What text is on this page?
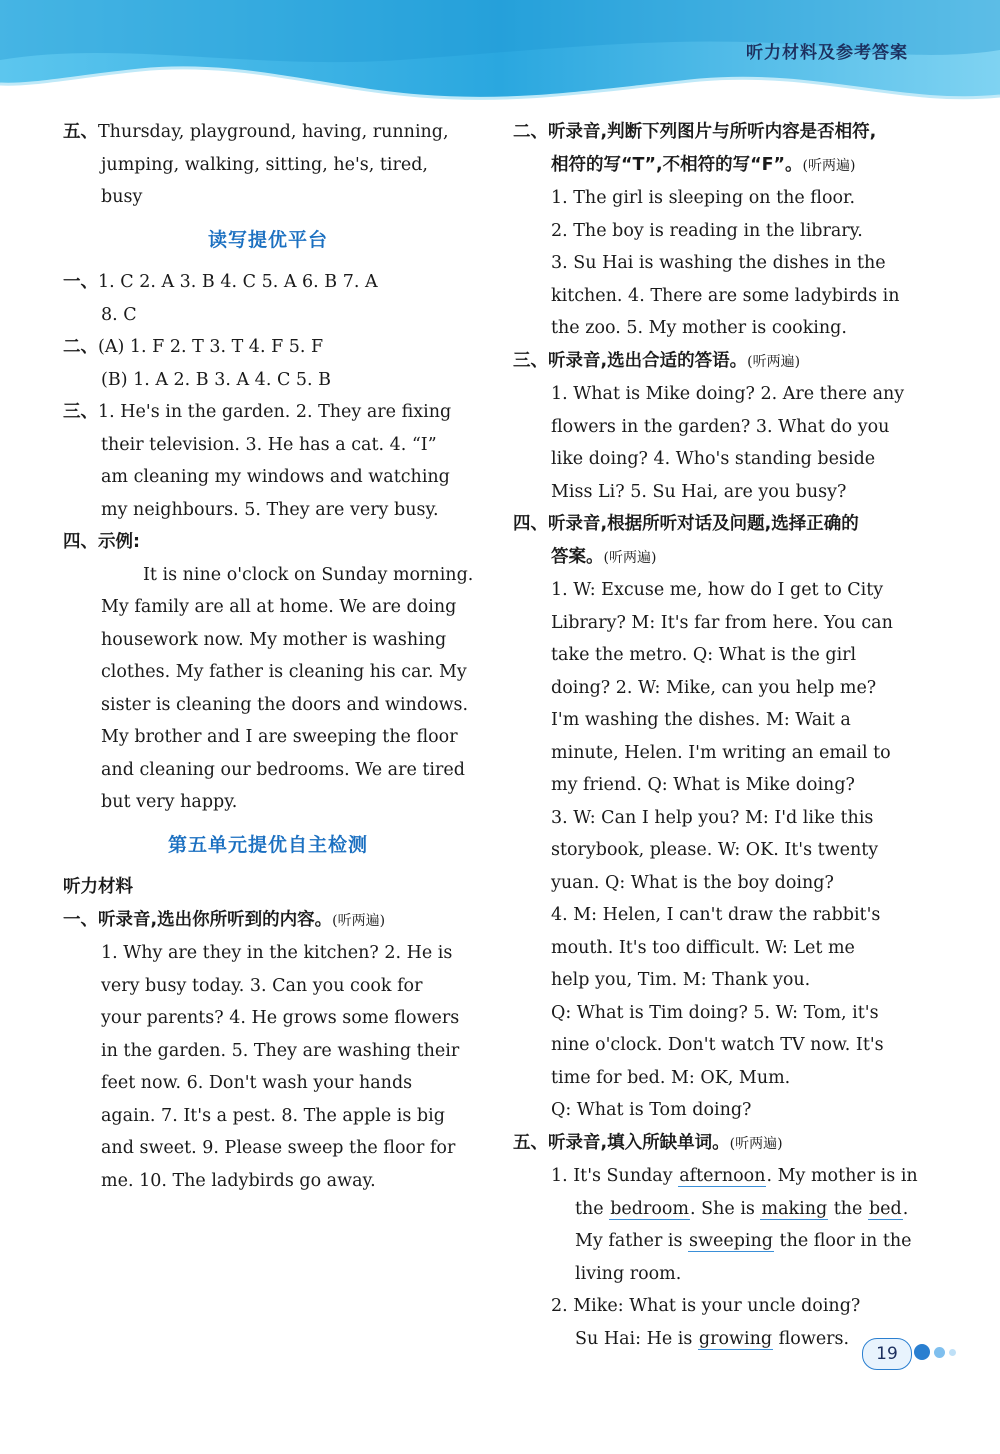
听力材料及参考答案
五、Thursday, playground, having, running,
jumping, walking, sitting, he's, tired,
busy
读写提优平台
一、1. C 2. A 3. B 4. C 5. A 6. B 7. A
8. C
二、(A) 1. F 2. T 3. T 4. F 5. F
(B) 1. A 2. B 3. A 4. C 5. B
三、1. He's in the garden. 2. They are fixing
their television. 3. He has a cat. 4. “I”
am cleaning my windows and watching
my neighbours. 5. They are very busy.
四、示例:
It is nine o'clock on Sunday morning.
My family are all at home. We are doing
housework now. My mother is washing
clothes. My father is cleaning his car. My
sister is cleaning the doors and windows.
My brother and I are sweeping the floor
and cleaning our bedrooms. We are tired
but very happy.
第五单元提优自主检测
听力材料
一、听录音,选出你所听到的内容。(听两遍)
1. Why are they in the kitchen? 2. He is
very busy today. 3. Can you cook for
your parents? 4. He grows some flowers
in the garden. 5. They are washing their
feet now. 6. Don't wash your hands
again. 7. It's a pest. 8. The apple is big
and sweet. 9. Please sweep the floor for
me. 10. The ladybirds go away.
二、听录音,判断下列图片与所听内容是否相符,
相符的写“T”,不相符的写“F”。(听两遍)
1. The girl is sleeping on the floor.
2. The boy is reading in the library.
3. Su Hai is washing the dishes in the
kitchen. 4. There are some ladybirds in
the zoo. 5. My mother is cooking.
三、听录音,选出合适的答语。(听两遍)
1. What is Mike doing? 2. Are there any
flowers in the garden? 3. What do you
like doing? 4. Who's standing beside
Miss Li? 5. Su Hai, are you busy?
四、听录音,根据所听对话及问题,选择正确的
答案。(听两遍)
1. W: Excuse me, how do I get to City
Library? M: It's far from here. You can
take the metro. Q: What is the girl
doing? 2. W: Mike, can you help me?
I'm washing the dishes. M: Wait a
minute, Helen. I'm writing an email to
my friend. Q: What is Mike doing?
3. W: Can I help you? M: I'd like this
storybook, please. W: OK. It's twenty
yuan. Q: What is the boy doing?
4. M: Helen, I can't draw the rabbit's
mouth. It's too difficult. W: Let me
help you, Tim. M: Thank you.
Q: What is Tim doing? 5. W: Tom, it's
nine o'clock. Don't watch TV now. It's
time for bed. M: OK, Mum.
Q: What is Tom doing?
五、听录音,填入所缺单词。(听两遍)
1. It's Sunday afternoon. My mother is in
the bedroom. She is making the bed.
My father is sweeping the floor in the
living room.
2. Mike: What is your uncle doing?
Su Hai: He is growing flowers.
19
